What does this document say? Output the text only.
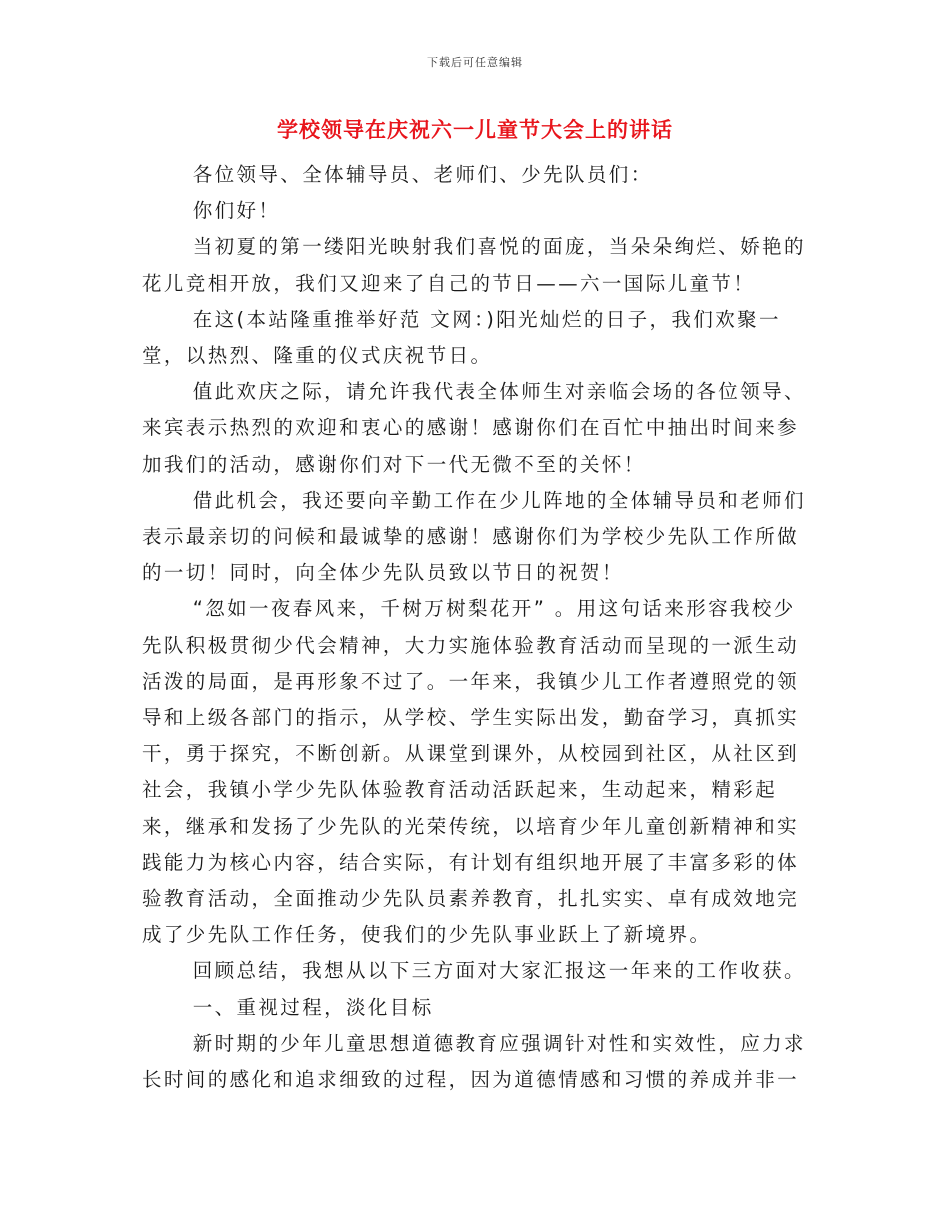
下载后可任意编辑
学校领导在庆祝六一儿童节大会上的讲话

各位领导、全体辅导员、老师们、少先队员们：

你们好！

当初夏的第一缕阳光映射我们喜悦的面庞，当朵朵绚烂、娇艳的花儿竞相开放，我们又迎来了自己的节日——六一国际儿童节！

在这(本站隆重推举好范 文网：)阳光灿烂的日子，我们欢聚一堂，以热烈、隆重的仪式庆祝节日。

值此欢庆之际，请允许我代表全体师生对亲临会场的各位领导、来宾表示热烈的欢迎和衷心的感谢！感谢你们在百忙中抽出时间来参加我们的活动，感谢你们对下一代无微不至的关怀！

借此机会，我还要向辛勤工作在少儿阵地的全体辅导员和老师们表示最亲切的问候和最诚挚的感谢！感谢你们为学校少先队工作所做的一切！同时，向全体少先队员致以节日的祝贺！

“忽如一夜春风来，千树万树梨花开” 。用这句话来形容我校少先队积极贯彻少代会精神，大力实施体验教育活动而呈现的一派生动活泼的局面，是再形象不过了。一年来，我镇少儿工作者遵照党的领导和上级各部门的指示，从学校、学生实际出发，勤奋学习，真抓实干，勇于探究，不断创新。从课堂到课外，从校园到社区，从社区到社会，我镇小学少先队体验教育活动活跃起来，生动起来，精彩起来，继承和发扬了少先队的光荣传统，以培育少年儿童创新精神和实践能力为核心内容，结合实际，有计划有组织地开展了丰富多彩的体验教育活动，全面推动少先队员素养教育，扎扎实实、卓有成效地完成了少先队工作任务，使我们的少先队事业跃上了新境界。

回顾总结，我想从以下三方面对大家汇报这一年来的工作收获。

一、重视过程，淡化目标

新时期的少年儿童思想道德教育应强调针对性和实效性，应力求长时间的感化和追求细致的过程，因为道德情感和习惯的养成并非一
